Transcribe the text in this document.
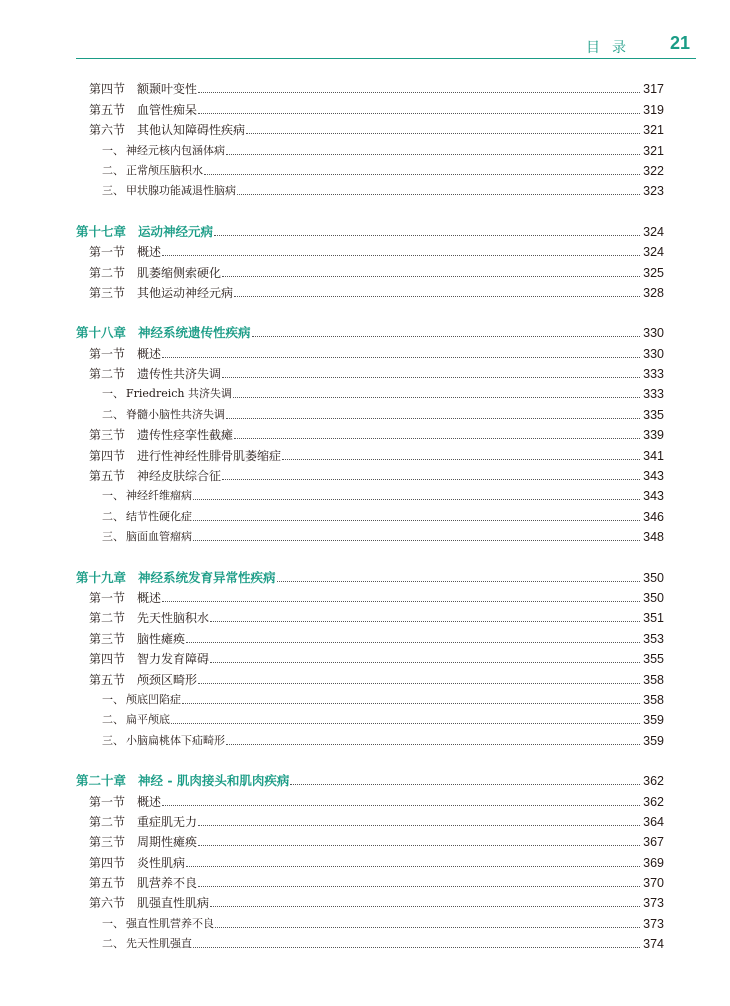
目录 21
第四节 额颞叶变性	317
第五节 血管性痴呆	319
第六节 其他认知障碍性疾病	321
一、 神经元核内包涵体病	321
二、 正常颅压脑积水	322
三、 甲状腺功能减退性脑病	323
第十七章 运动神经元病	324
第一节 概述	324
第二节 肌萎缩侧索硬化	325
第三节 其他运动神经元病	328
第十八章 神经系统遗传性疾病	330
第一节 概述	330
第二节 遗传性共济失调	333
一、 Friedreich 共济失调	333
二、 脊髓小脑性共济失调	335
第三节 遗传性痉挛性截瘫	339
第四节 进行性神经性腓骨肌萎缩症	341
第五节 神经皮肤综合征	343
一、 神经纤维瘤病	343
二、 结节性硬化症	346
三、 脑面血管瘤病	348
第十九章 神经系统发育异常性疾病	350
第一节 概述	350
第二节 先天性脑积水	351
第三节 脑性瘫痪	353
第四节 智力发育障碍	355
第五节 颅颈区畸形	358
一、 颅底凹陷症	358
二、 扁平颅底	359
三、 小脑扁桃体下疝畸形	359
第二十章 神经 - 肌肉接头和肌肉疾病	362
第一节 概述	362
第二节 重症肌无力	364
第三节 周期性瘫痪	367
第四节 炎性肌病	369
第五节 肌营养不良	370
第六节 肌强直性肌病	373
一、 强直性肌营养不良	373
二、 先天性肌强直	374
